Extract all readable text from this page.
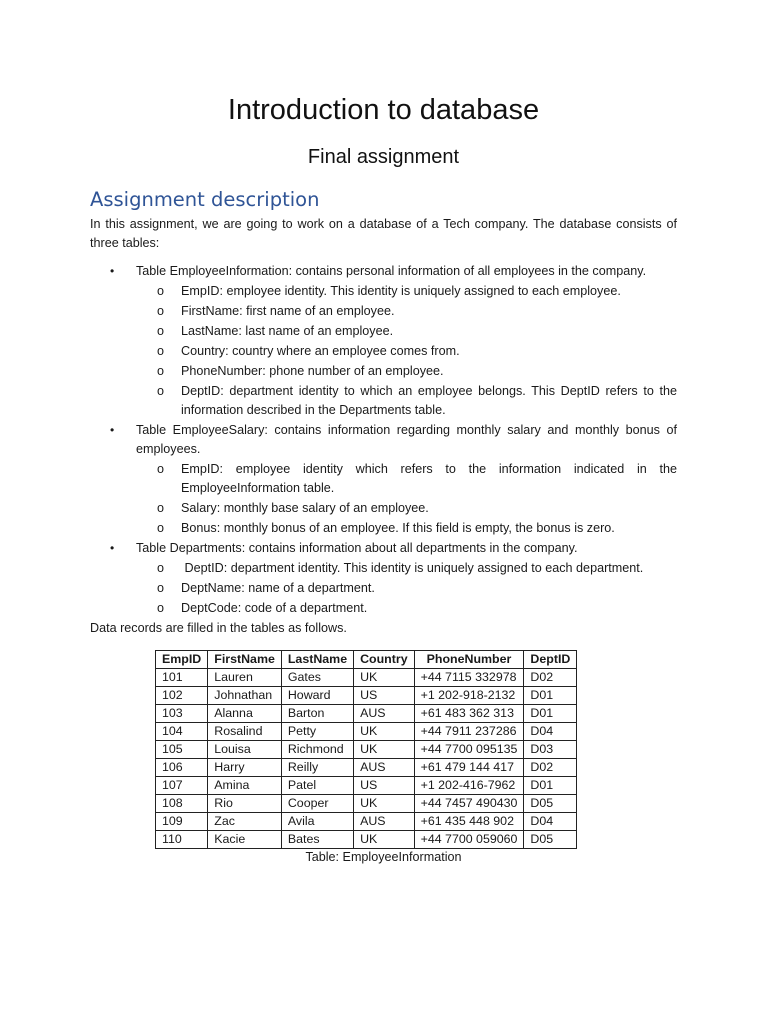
Introduction to database
Final assignment
Assignment description
In this assignment, we are going to work on a database of a Tech company. The database consists of three tables:
• Table EmployeeInformation: contains personal information of all employees in the company.
o EmpID: employee identity. This identity is uniquely assigned to each employee.
o FirstName: first name of an employee.
o LastName: last name of an employee.
o Country: country where an employee comes from.
o PhoneNumber: phone number of an employee.
o DeptID: department identity to which an employee belongs. This DeptID refers to the information described in the Departments table.
• Table EmployeeSalary: contains information regarding monthly salary and monthly bonus of employees.
o EmpID: employee identity which refers to the information indicated in the EmployeeInformation table.
o Salary: monthly base salary of an employee.
o Bonus: monthly bonus of an employee. If this field is empty, the bonus is zero.
• Table Departments: contains information about all departments in the company.
o DeptID: department identity. This identity is uniquely assigned to each department.
o DeptName: name of a department.
o DeptCode: code of a department.
Data records are filled in the tables as follows.
EmpID	FirstName	LastName	Country	PhoneNumber	DeptID
101	Lauren	Gates	UK	+44 7115 332978	D02
102	Johnathan	Howard	US	+1 202-918-2132	D01
103	Alanna	Barton	AUS	+61 483 362 313	D01
104	Rosalind	Petty	UK	+44 7911 237286	D04
105	Louisa	Richmond	UK	+44 7700 095135	D03
106	Harry	Reilly	AUS	+61 479 144 417	D02
107	Amina	Patel	US	+1 202-416-7962	D01
108	Rio	Cooper	UK	+44 7457 490430	D05
109	Zac	Avila	AUS	+61 435 448 902	D04
110	Kacie	Bates	UK	+44 7700 059060	D05
Table: EmployeeInformation
